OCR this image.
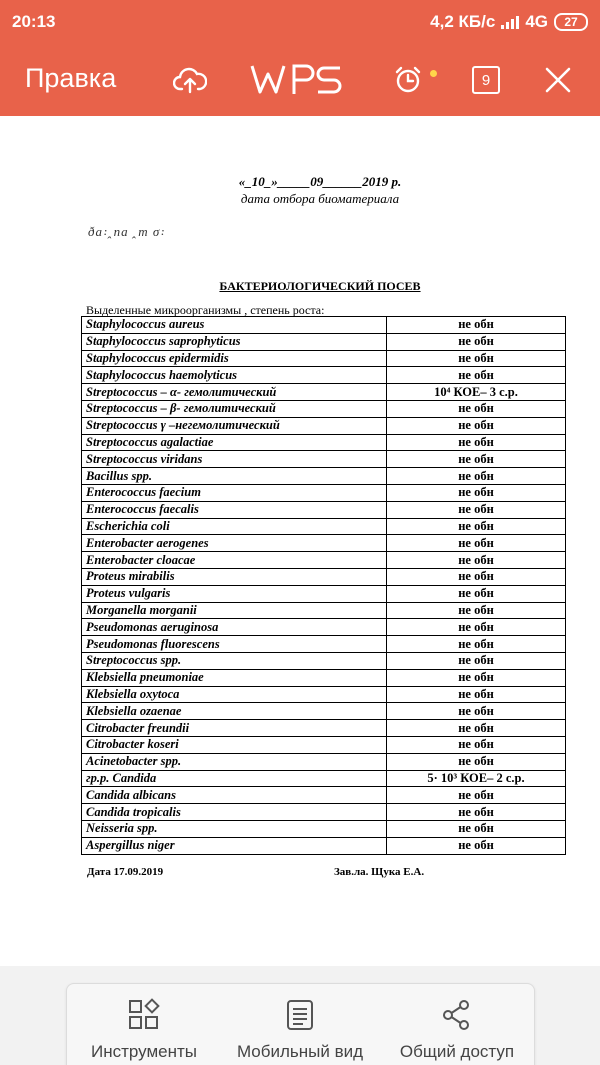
20:13	4,2 КБ/с 4G 27
Правка	9
«_10_»_____09______2019 р.
дата отбора биоматериала
ða꞉ꞈna ꞈm σ꞉
БАКТЕРИОЛОГИЧЕСКИЙ ПОСЕВ
Выделенные микроорганизмы , степень роста:
Staphylococcus aureus	не обн
Staphylococcus saprophyticus	не обн
Staphylococcus epidermidis	не обн
Staphylococcus haemolyticus	не обн
Streptococcus – α- гемолитический	10⁴ КОЕ– 3 с.р.
Streptococcus – β- гемолитический	не обн
Streptococcus γ –негемолитический	не обн
Streptococcus agalactiae	не обн
Streptococcus viridans	не обн
Bacillus spp.	не обн
Enterococcus faecium	не обн
Enterococcus faecalis	не обн
Escherichia coli	не обн
Enterobacter aerogenes	не обн
Enterobacter cloacae	не обн
Proteus mirabilis	не обн
Proteus vulgaris	не обн
Morganella morganii	не обн
Pseudomonas aeruginosa	не обн
Pseudomonas fluorescens	не обн
Streptococcus spp.	не обн
Klebsiella pneumoniae	не обн
Klebsiella oxytoca	не обн
Klebsiella ozaenae	не обн
Citrobacter freundii	не обн
Citrobacter koseri	не обн
Acinetobacter spp.	не обн
гр.р. Candida	5· 10³ КОЕ– 2 с.р.
Candida albicans	не обн
Candida tropicalis	не обн
Neisseria spp.	не обн
Aspergillus niger	не обн
Дата 17.09.2019	Зав.ла. Щука Е.А.
Инструменты	Мобильный вид	Общий доступ
